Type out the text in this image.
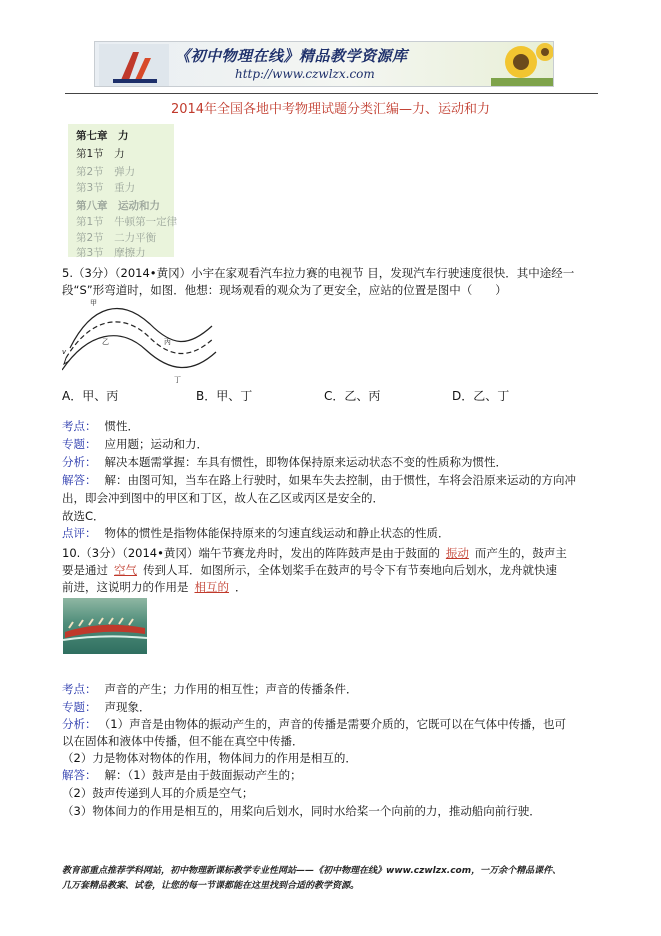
《初中物理在线》精品教学资源库
http://www.czwlzx.com
2014年全国各地中考物理试题分类汇编—力、运动和力
第七章　力
第1节　力
第2节　弹力
第3节　重力
第八章　运动和力
第1节　牛顿第一定律
第2节　二力平衡
第3节　摩擦力
5.（3分）（2014•黄冈）小宇在家观看汽车拉力赛的电视节 目，发现汽车行驶速度很快．其中途经一
段“S”形弯道时，如图．他想：现场观看的观众为了更安全，应站的位置是图中（　　）
甲
乙	丙
丁
v
A．甲、丙	B．甲、丁	C．乙、丙	D．乙、丁
考点： 惯性．
专题： 应用题；运动和力．
分析： 解决本题需掌握：车具有惯性，即物体保持原来运动状态不变的性质称为惯性．
解答： 解：由图可知，当车在路上行驶时，如果车失去控制，由于惯性，车将会沿原来运动的方向冲
出，即会冲到图中的甲区和丁区，故人在乙区或丙区是安全的．
故选C．
点评： 物体的惯性是指物体能保持原来的匀速直线运动和静止状态的性质．
10.（3分）（2014•黄冈）端午节赛龙舟时，发出的阵阵鼓声是由于鼓面的 振动 而产生的，鼓声主
要是通过 空气 传到人耳．如图所示，全体划桨手在鼓声的号令下有节奏地向后划水，龙舟就快速
前进，这说明力的作用是 相互的 ．
考点： 声音的产生；力作用的相互性；声音的传播条件．
专题： 声现象．
分析： （1）声音是由物体的振动产生的，声音的传播是需要介质的，它既可以在气体中传播，也可
以在固体和液体中传播，但不能在真空中传播．
（2）力是物体对物体的作用，物体间力的作用是相互的．
解答： 解：（1）鼓声是由于鼓面振动产生的；
（2）鼓声传递到人耳的介质是空气；
（3）物体间力的作用是相互的，用桨向后划水，同时水给桨一个向前的力，推动船向前行驶．
教育部重点推荐学科网站，初中物理新课标教学专业性网站——《初中物理在线》www.czwlzx.com，一万余个精品课件、
几万套精品教案、试卷，让您的每一节课都能在这里找到合适的教学资源。
